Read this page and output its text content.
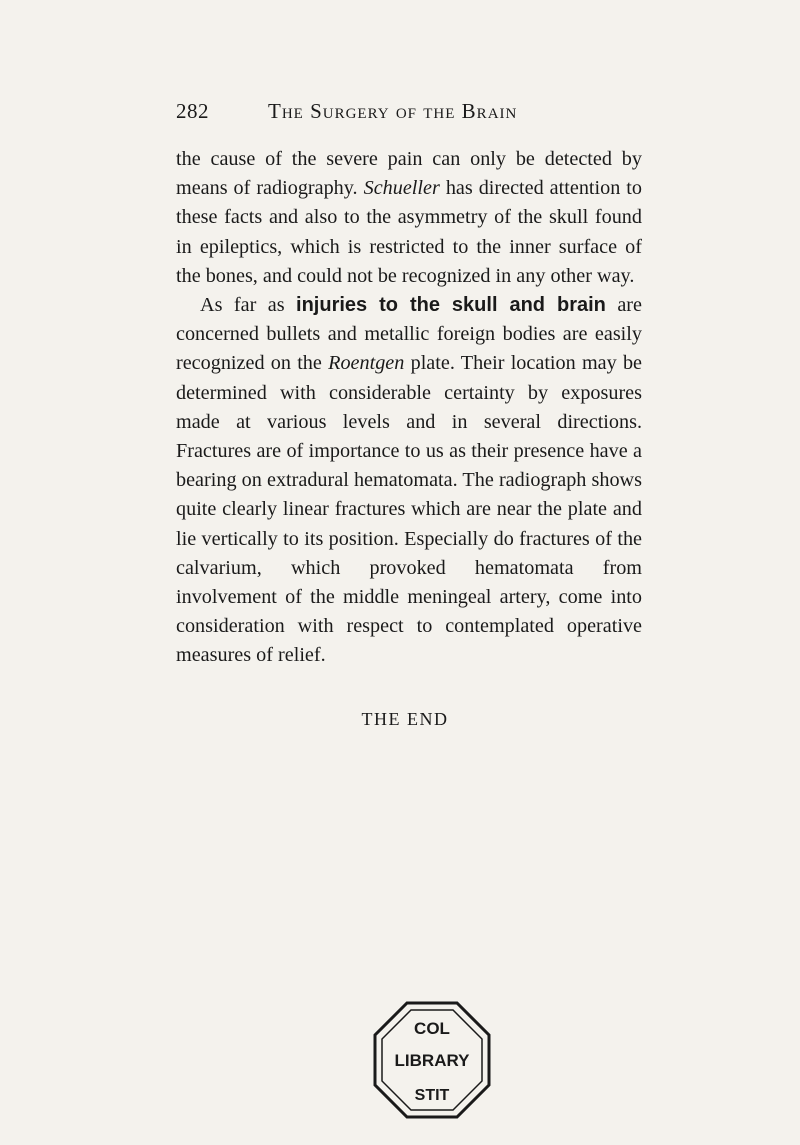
282	The Surgery of the Brain

the cause of the severe pain can only be detected by means of radiography. Schueller has directed attention to these facts and also to the asymmetry of the skull found in epileptics, which is restricted to the inner surface of the bones, and could not be recognized in any other way.

As far as injuries to the skull and brain are concerned bullets and metallic foreign bodies are easily recognized on the Roentgen plate. Their location may be determined with considerable certainty by exposures made at various levels and in several directions. Fractures are of importance to us as their presence have a bearing on extradural hematomata. The radiograph shows quite clearly linear fractures which are near the plate and lie vertically to its position. Especially do fractures of the calvarium, which provoked hematomata from involvement of the middle meningeal artery, come into consideration with respect to contemplated operative measures of relief.

THE END
COL
LIBRARY
STIT
